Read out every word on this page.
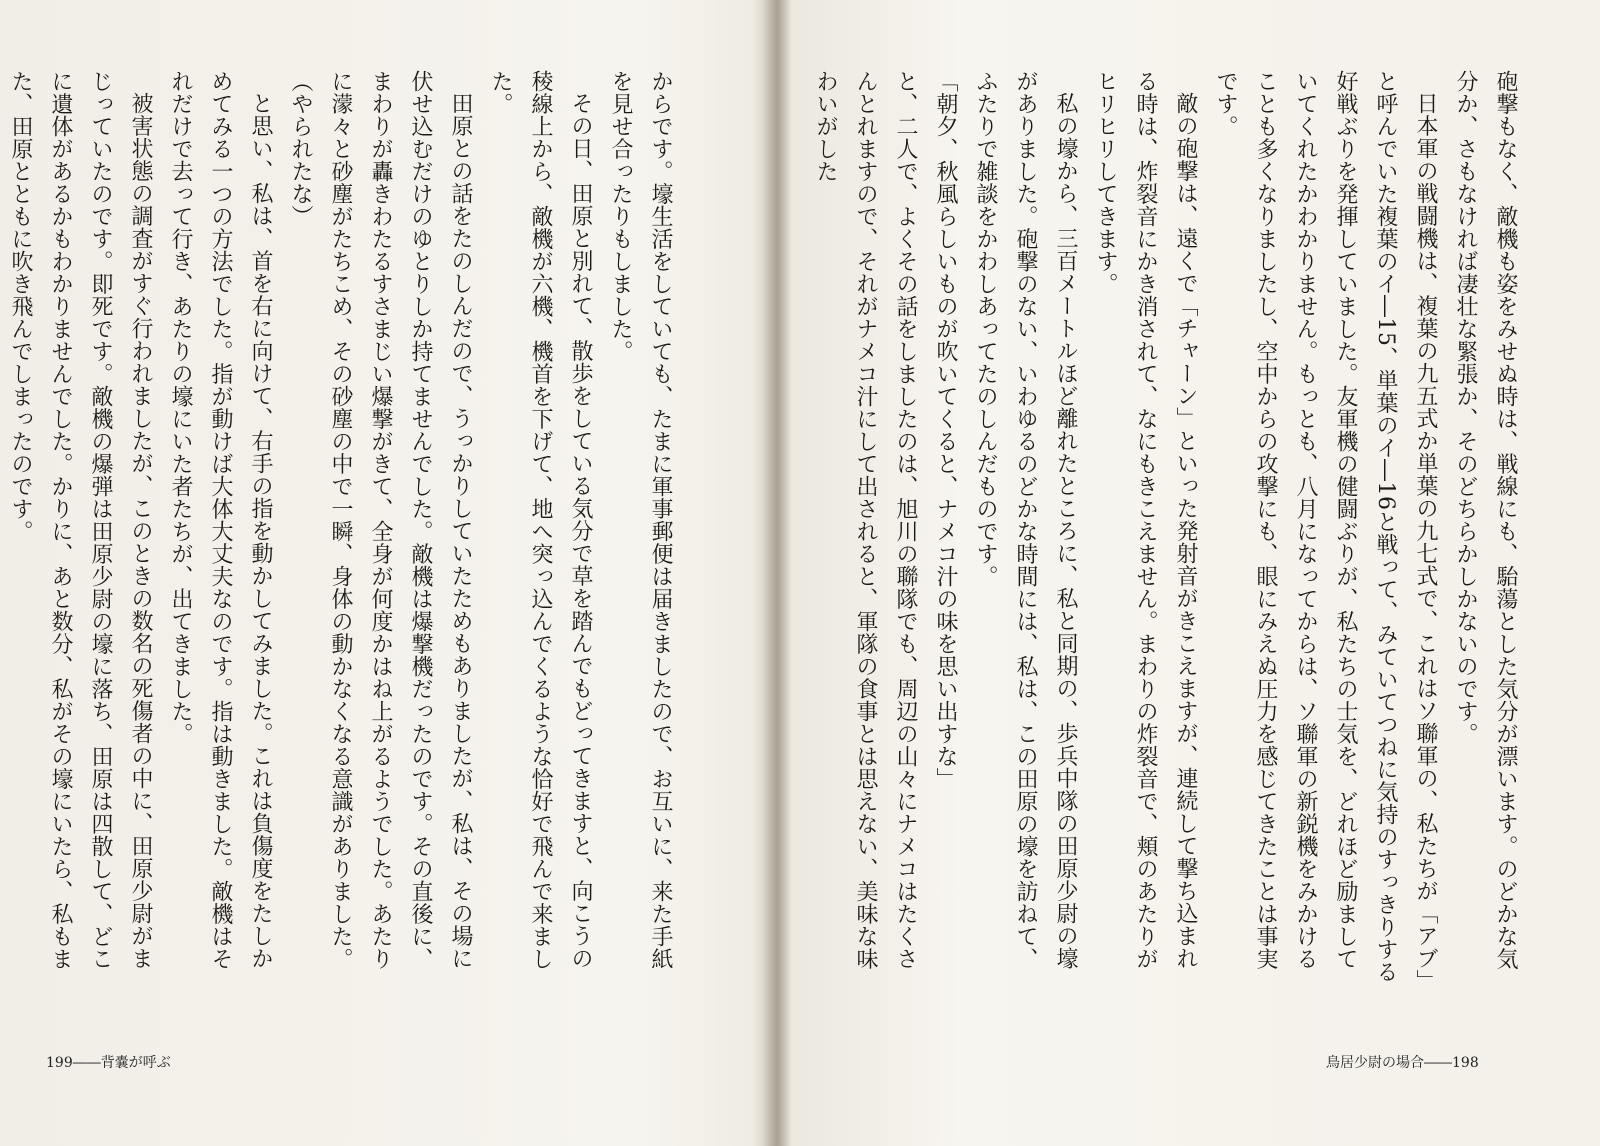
砲撃もなく、敵機も姿をみせぬ時は、戦線にも、駘蕩とした気分が漂います。のどかな気分か、さもなければ凄壮な緊張か、そのどちらかしかないのです。

日本軍の戦闘機は、複葉の九五式か単葉の九七式で、これはソ聯軍の、私たちが「アブ」と呼んでいた複葉のイ―15、単葉のイ―16と戦って、みていてつねに気持のすっきりする好戦ぶりを発揮していました。友軍機の健闘ぶりが、私たちの士気を、どれほど励ましていてくれたかわかりません。もっとも、八月になってからは、ソ聯軍の新鋭機をみかけることも多くなりましたし、空中からの攻撃にも、眼にみえぬ圧力を感じてきたことは事実です。

敵の砲撃は、遠くで「チャーン」といった発射音がきこえますが、連続して撃ち込まれる時は、炸裂音にかき消されて、なにもきこえません。まわりの炸裂音で、頬のあたりがヒリヒリしてきます。

私の壕から、三百メートルほど離れたところに、私と同期の、歩兵中隊の田原少尉の壕がありました。砲撃のない、いわゆるのどかな時間には、私は、この田原の壕を訪ねて、ふたりで雑談をかわしあってたのしんだものです。

「朝夕、秋風らしいものが吹いてくると、ナメコ汁の味を思い出すな」

と、二人で、よくその話をしましたのは、旭川の聯隊でも、周辺の山々にナメコはたくさんとれますので、それがナメコ汁にして出されると、軍隊の食事とは思えない、美味な味わいがした

からです。壕生活をしていても、たまに軍事郵便は届きましたので、お互いに、来た手紙を見せ合ったりもしました。

その日、田原と別れて、散歩をしている気分で草を踏んでもどってきますと、向こうの稜線上から、敵機が六機、機首を下げて、地へ突っ込んでくるような恰好で飛んで来ました。

田原との話をたのしんだので、うっかりしていたためもありましたが、私は、その場に伏せ込むだけのゆとりしか持てませんでした。敵機は爆撃機だったのです。その直後に、まわりが轟きわたるすさまじい爆撃がきて、全身が何度かはね上がるようでした。あたりに濛々と砂塵がたちこめ、その砂塵の中で一瞬、身体の動かなくなる意識がありました。

（やられたな）

と思い、私は、首を右に向けて、右手の指を動かしてみました。これは負傷度をたしかめてみる一つの方法でした。指が動けば大体大丈夫なのです。指は動きました。敵機はそれだけで去って行き、あたりの壕にいた者たちが、出てきました。

被害状態の調査がすぐ行われましたが、このときの数名の死傷者の中に、田原少尉がまじっていたのです。即死です。敵機の爆弾は田原少尉の壕に落ち、田原は四散して、どこに遺体があるかもわかりませんでした。かりに、あと数分、私がその壕にいたら、私もまた、田原とともに吹き飛んでしまったのです。

199――背嚢が呼ぶ	鳥居少尉の場合――198
